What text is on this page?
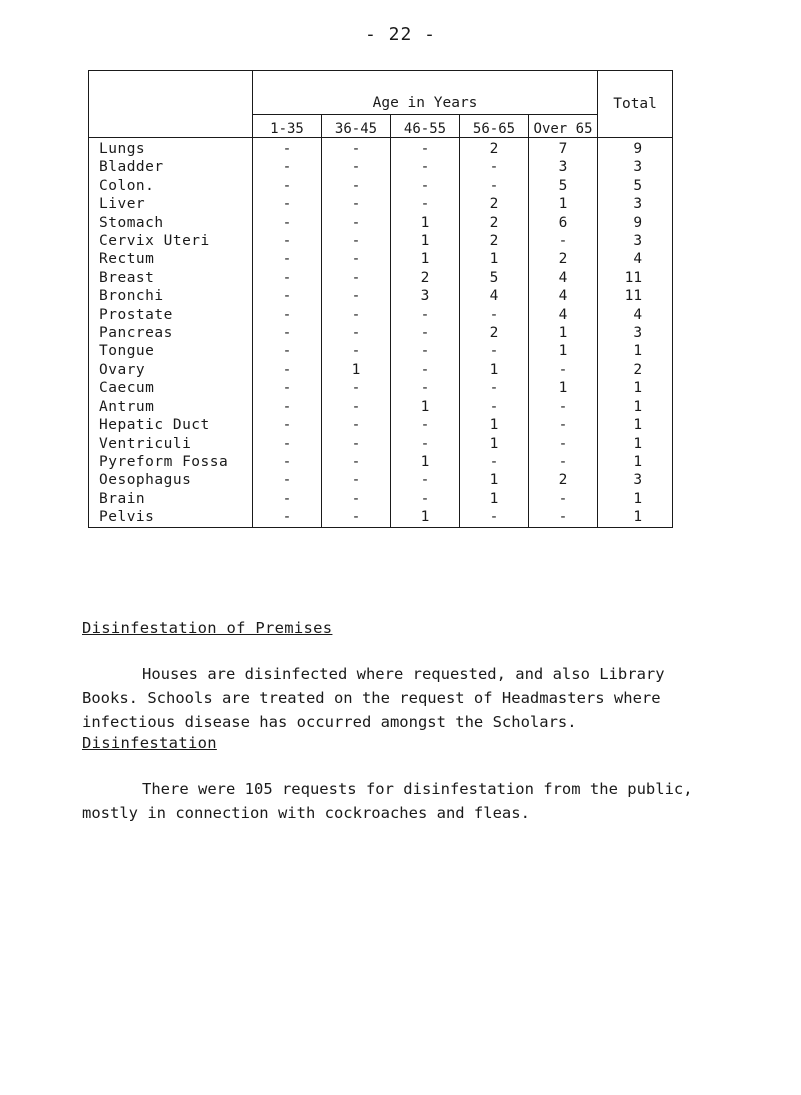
- 22 -
	Age in Years					Total
	1-35	36-45	46-55	56-65	Over 65	
Lungs	-	-	-	2	7	9
Bladder	-	-	-	-	3	3
Colon.	-	-	-	-	5	5
Liver	-	-	-	2	1	3
Stomach	-	-	1	2	6	9
Cervix Uteri	-	-	1	2	-	3
Rectum	-	-	1	1	2	4
Breast	-	-	2	5	4	11
Bronchi	-	-	3	4	4	11
Prostate	-	-	-	-	4	4
Pancreas	-	-	-	2	1	3
Tongue	-	-	-	-	1	1
Ovary	-	1	-	1	-	2
Caecum	-	-	-	-	1	1
Antrum	-	-	1	-	-	1
Hepatic Duct	-	-	-	1	-	1
Ventriculi	-	-	-	1	-	1
Pyreform Fossa	-	-	1	-	-	1
Oesophagus	-	-	-	1	2	3
Brain	-	-	-	1	-	1
Pelvis	-	-	1	-	-	1
Disinfestation of Premises

Houses are disinfected where requested, and also Library Books. Schools are treated on the request of Headmasters where infectious disease has occurred amongst the Scholars.

Disinfestation

There were 105 requests for disinfestation from the public, mostly in connection with cockroaches and fleas.
